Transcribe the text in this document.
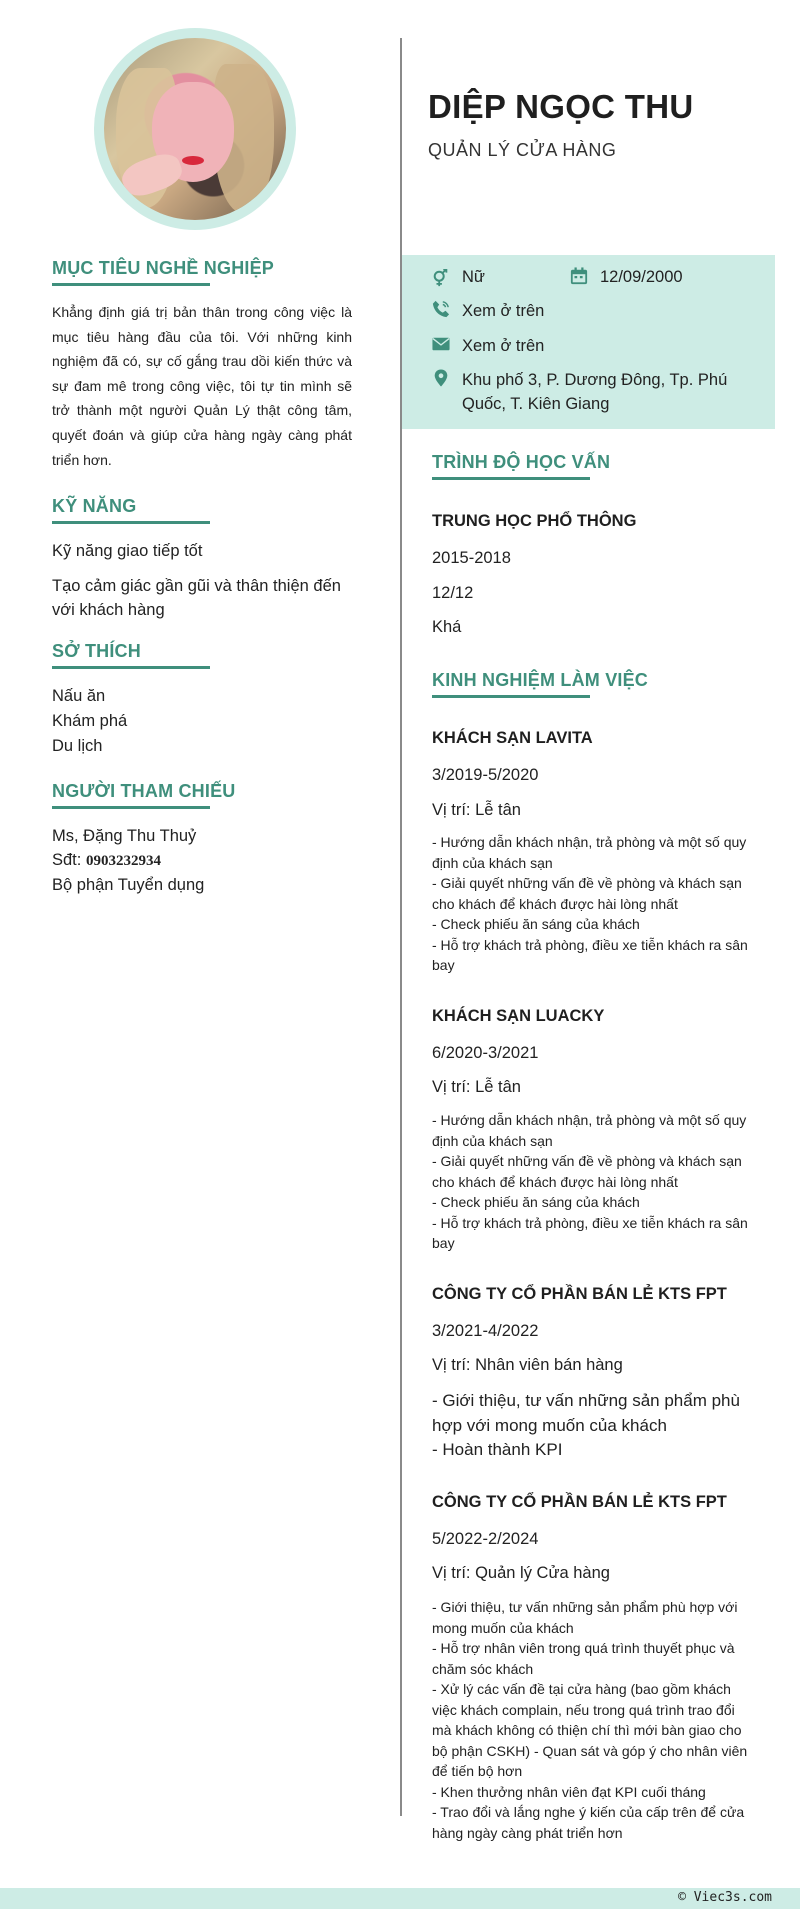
MỤC TIÊU NGHỀ NGHIỆP
Khẳng định giá trị bản thân trong công việc là mục tiêu hàng đầu của tôi. Với những kinh nghiệm đã có, sự cố gắng trau dồi kiến thức và sự đam mê trong công việc, tôi tự tin mình sẽ trở thành một người Quản Lý thật công tâm, quyết đoán và giúp cửa hàng ngày càng phát triển hơn.
KỸ NĂNG
Kỹ năng giao tiếp tốt
Tạo cảm giác gần gũi và thân thiện đến với khách hàng
SỞ THÍCH
Nấu ăn
Khám phá
Du lịch
NGƯỜI THAM CHIẾU
Ms, Đặng Thu Thuỷ
Sđt: 0903232934
Bộ phận Tuyển dụng
DIỆP NGỌC THU
QUẢN LÝ CỬA HÀNG
Nữ	12/09/2000
Xem ở trên
Xem ở trên
Khu phố 3, P. Dương Đông, Tp. Phú Quốc, T. Kiên Giang
TRÌNH ĐỘ HỌC VẤN
TRUNG HỌC PHỔ THÔNG
2015-2018
12/12
Khá
KINH NGHIỆM LÀM VIỆC
KHÁCH SẠN LAVITA
3/2019-5/2020
Vị trí: Lễ tân
- Hướng dẫn khách nhận, trả phòng và một số quy định của khách sạn
- Giải quyết những vấn đề về phòng và khách sạn cho khách để khách được hài lòng nhất
- Check phiếu ăn sáng của khách
- Hỗ trợ khách trả phòng, điều xe tiễn khách ra sân bay
KHÁCH SẠN LUACKY
6/2020-3/2021
Vị trí: Lễ tân
- Hướng dẫn khách nhận, trả phòng và một số quy định của khách sạn
- Giải quyết những vấn đề về phòng và khách sạn cho khách để khách được hài lòng nhất
- Check phiếu ăn sáng của khách
- Hỗ trợ khách trả phòng, điều xe tiễn khách ra sân bay
CÔNG TY CỔ PHẦN BÁN LẺ KTS FPT
3/2021-4/2022
Vị trí: Nhân viên bán hàng
- Giới thiệu, tư vấn những sản phẩm phù hợp với mong muốn của khách
- Hoàn thành KPI
CÔNG TY CỔ PHẦN BÁN LẺ KTS FPT
5/2022-2/2024
Vị trí: Quản lý Cửa hàng
- Giới thiệu, tư vấn những sản phẩm phù hợp với mong muốn của khách
- Hỗ trợ nhân viên trong quá trình thuyết phục và chăm sóc khách
- Xử lý các vấn đề tại cửa hàng (bao gồm khách việc khách complain, nếu trong quá trình trao đổi mà khách không có thiện chí thì mới bàn giao cho bộ phận CSKH) - Quan sát và góp ý cho nhân viên để tiến bộ hơn
- Khen thưởng nhân viên đạt KPI cuối tháng
- Trao đổi và lắng nghe ý kiến của cấp trên để cửa hàng ngày càng phát triển hơn
© Viec3s.com
